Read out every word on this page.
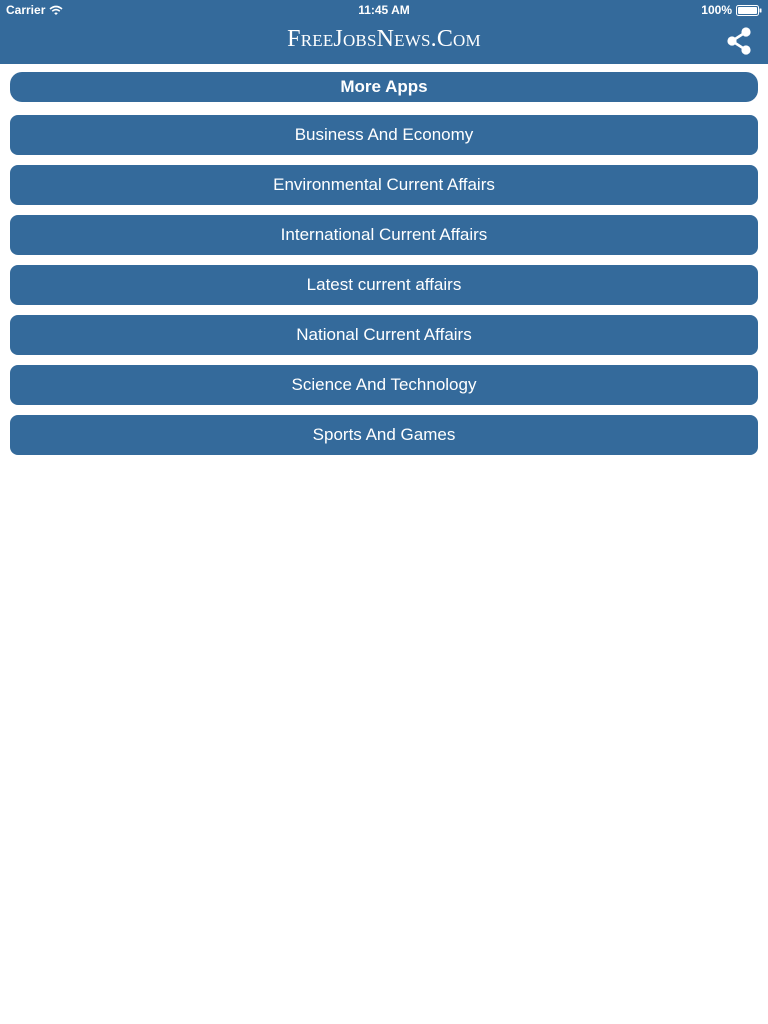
Carrier	11:45 AM	100%
FreeJobsNews.Com
More Apps
Business And Economy
Environmental Current Affairs
International Current Affairs
Latest current affairs
National Current Affairs
Science And Technology
Sports And Games
